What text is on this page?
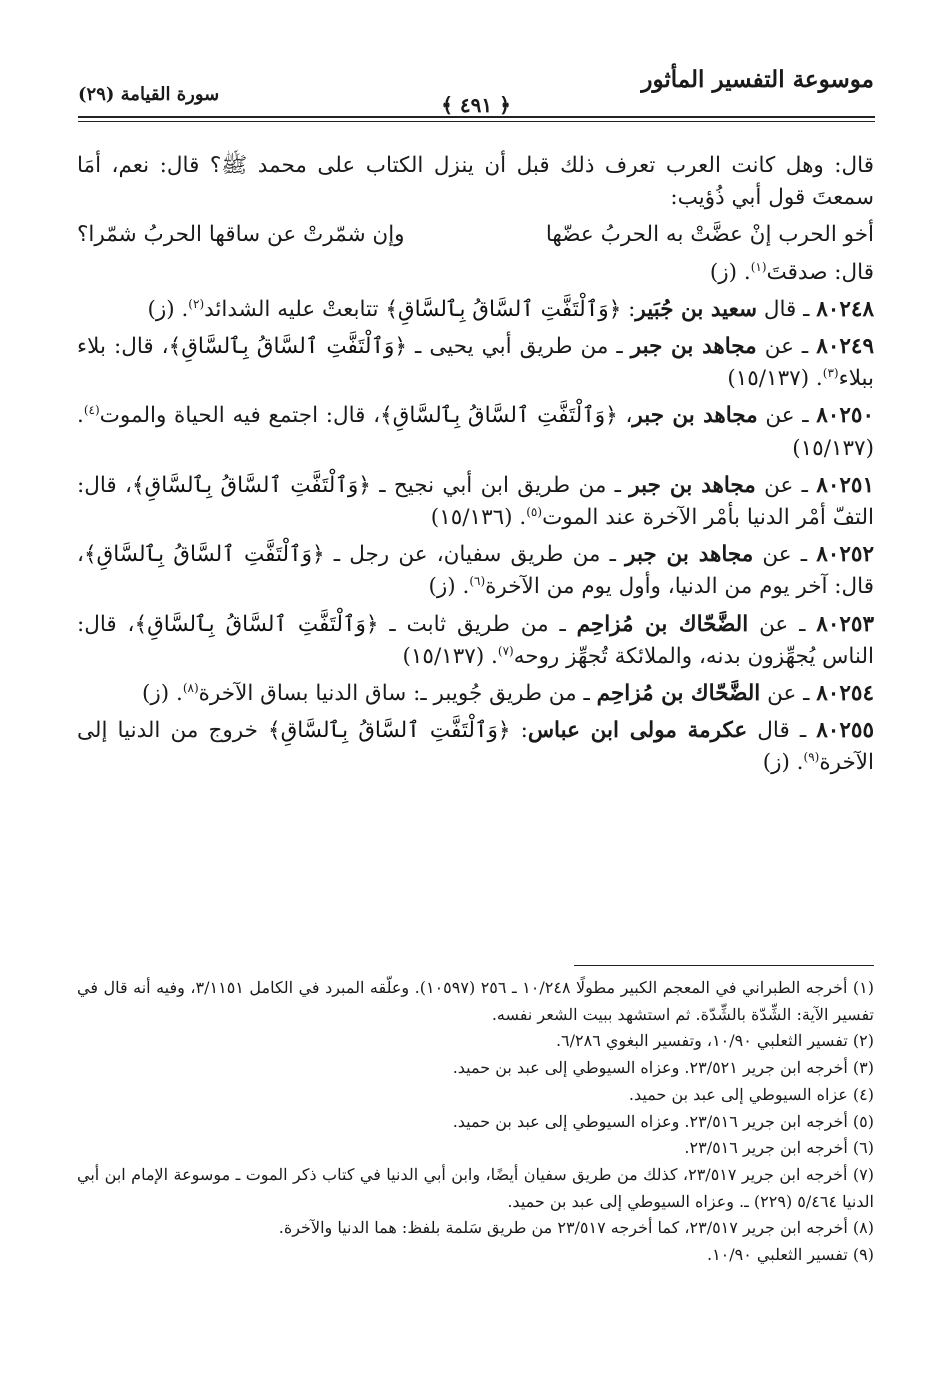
موسوعة التفسير المأثور
﴿ ٤٩١ ﴾
سورة القيامة (٢٩)

قال: وهل كانت العرب تعرف ذلك قبل أن ينزل الكتاب على محمد ﷺ؟ قال: نعم، أمَا سمعتَ قول أبي ذُؤيب:

أخو الحرب إنْ عضَّتْ به الحربُ عضّها
وإن شمّرتْ عن ساقها الحربُ شمّرا؟

قال: صدقتَ$^{(١)}$. (ز)

٨٠٢٤٨ ـ قال سعيد بن جُبَير: ﴿وَٱلْتَفَّتِ ٱلسَّاقُ بِٱلسَّاقِ﴾ تتابعتْ عليه الشدائد$^{(٢)}$. (ز)

٨٠٢٤٩ ـ عن مجاهد بن جبر ـ من طريق أبي يحيى ـ ﴿وَٱلْتَفَّتِ ٱلسَّاقُ بِٱلسَّاقِ﴾، قال: بلاء ببلاء$^{(٣)}$. (١٥/١٣٧)

٨٠٢٥٠ ـ عن مجاهد بن جبر، ﴿وَٱلْتَفَّتِ ٱلسَّاقُ بِٱلسَّاقِ﴾، قال: اجتمع فيه الحياة والموت$^{(٤)}$. (١٥/١٣٧)

٨٠٢٥١ ـ عن مجاهد بن جبر ـ من طريق ابن أبي نجيح ـ ﴿وَٱلْتَفَّتِ ٱلسَّاقُ بِٱلسَّاقِ﴾، قال: التفّ أمْر الدنيا بأمْر الآخرة عند الموت$^{(٥)}$. (١٥/١٣٦)

٨٠٢٥٢ ـ عن مجاهد بن جبر ـ من طريق سفيان، عن رجل ـ ﴿وَٱلْتَفَّتِ ٱلسَّاقُ بِٱلسَّاقِ﴾، قال: آخر يوم من الدنيا، وأول يوم من الآخرة$^{(٦)}$. (ز)

٨٠٢٥٣ ـ عن الضَّحّاك بن مُزاحِم ـ من طريق ثابت ـ ﴿وَٱلْتَفَّتِ ٱلسَّاقُ بِٱلسَّاقِ﴾، قال: الناس يُجهِّزون بدنه، والملائكة تُجهِّز روحه$^{(٧)}$. (١٥/١٣٧)

٨٠٢٥٤ ـ عن الضَّحّاك بن مُزاحِم ـ من طريق جُويبر ـ: ساق الدنيا بساق الآخرة$^{(٨)}$. (ز)

٨٠٢٥٥ ـ قال عكرمة مولى ابن عباس: ﴿وَٱلْتَفَّتِ ٱلسَّاقُ بِٱلسَّاقِ﴾ خروج من الدنيا إلى الآخرة$^{(٩)}$. (ز)

(١) أخرجه الطبراني في المعجم الكبير مطولًا ١٠/٢٤٨ ـ ٢٥٦ (١٠٥٩٧). وعلّقه المبرد في الكامل ٣/١١٥١، وفيه أنه قال في تفسير الآية: الشِّدّة بالشِّدّة. ثم استشهد ببيت الشعر نفسه.

(٢) تفسير الثعلبي ١٠/٩٠، وتفسير البغوي ٦/٢٨٦.

(٣) أخرجه ابن جرير ٢٣/٥٢١. وعزاه السيوطي إلى عبد بن حميد.

(٤) عزاه السيوطي إلى عبد بن حميد.

(٥) أخرجه ابن جرير ٢٣/٥١٦. وعزاه السيوطي إلى عبد بن حميد.

(٦) أخرجه ابن جرير ٢٣/٥١٦.

(٧) أخرجه ابن جرير ٢٣/٥١٧، كذلك من طريق سفيان أيضًا، وابن أبي الدنيا في كتاب ذكر الموت ـ موسوعة الإمام ابن أبي الدنيا ٥/٤٦٤ (٢٢٩) ـ. وعزاه السيوطي إلى عبد بن حميد.

(٨) أخرجه ابن جرير ٢٣/٥١٧، كما أخرجه ٢٣/٥١٧ من طريق سَلمة بلفظ: هما الدنيا والآخرة.

(٩) تفسير الثعلبي ١٠/٩٠.
